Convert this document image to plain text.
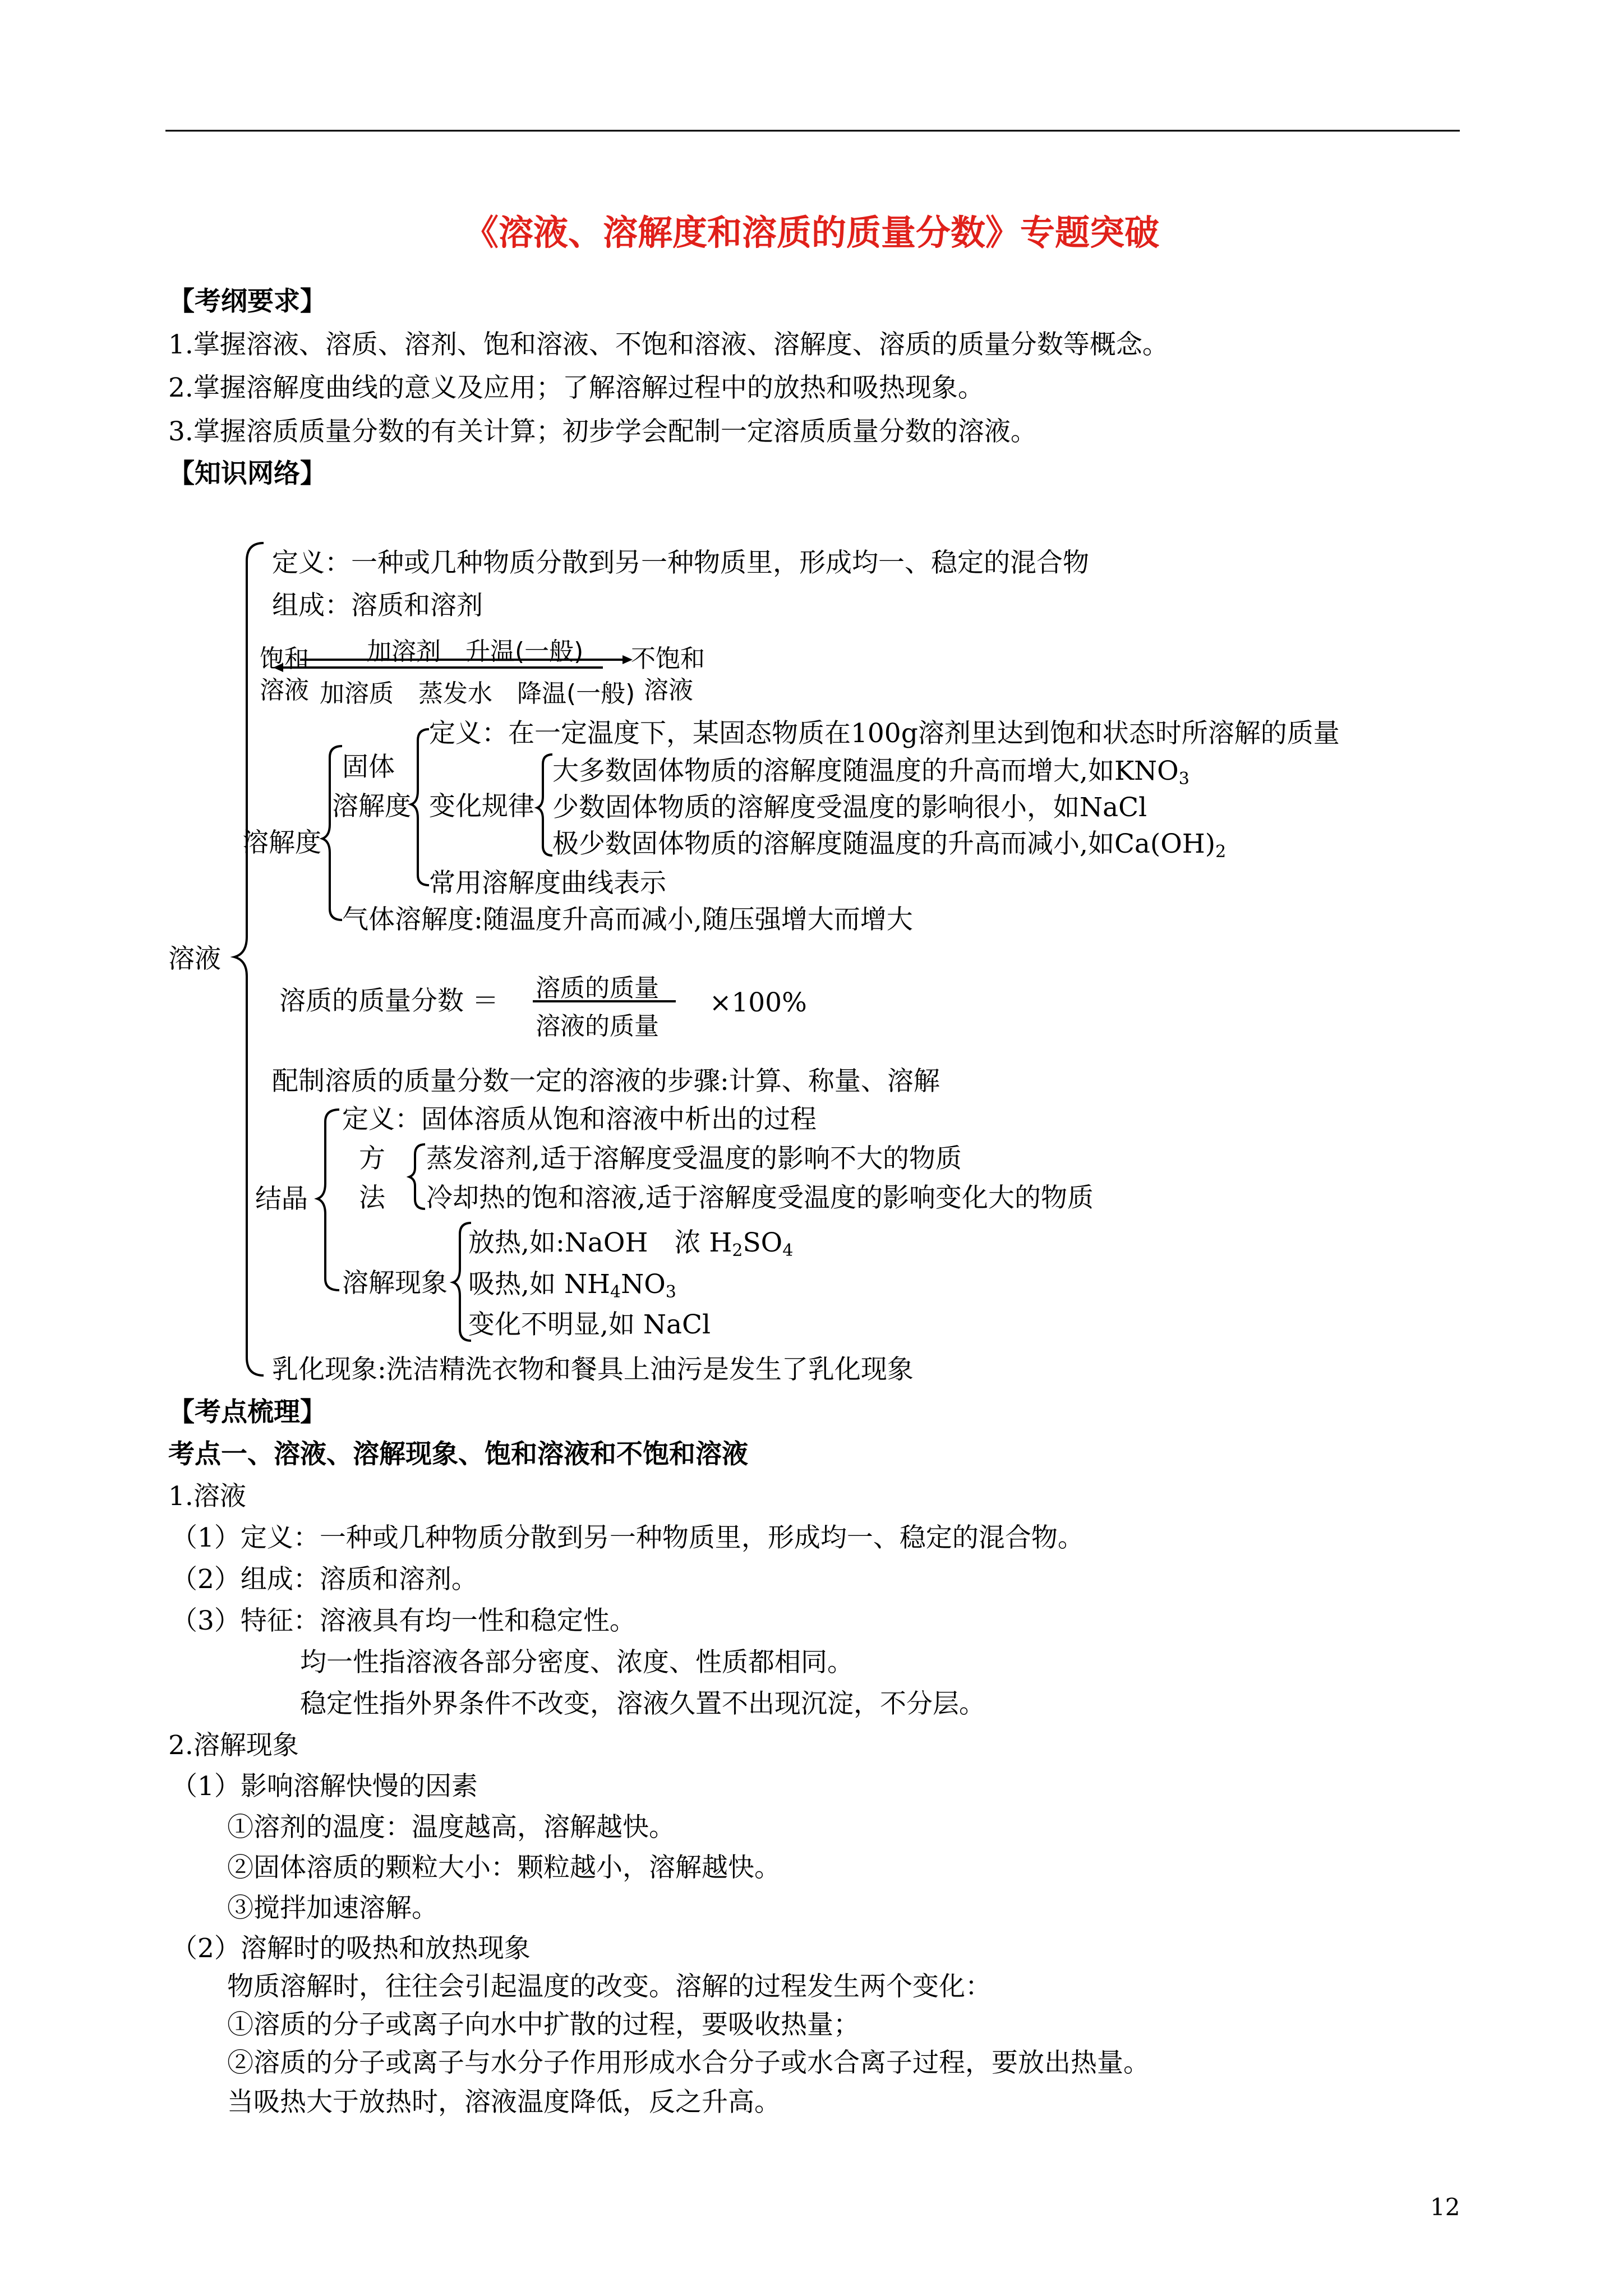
《溶液、溶解度和溶质的质量分数》专题突破
【考纲要求】
1.掌握溶液、溶质、溶剂、饱和溶液、不饱和溶液、溶解度、溶质的质量分数等概念。
2.掌握溶解度曲线的意义及应用；了解溶解过程中的放热和吸热现象。
3.掌握溶质质量分数的有关计算；初步学会配制一定溶质质量分数的溶液。
【知识网络】
溶液
定义：一种或几种物质分散到另一种物质里，形成均一、稳定的混合物
组成：溶质和溶剂
饱和
溶液
加溶剂　升温(一般)
加溶质　蒸发水　降温(一般)
不饱和
溶液
溶解度
固体
溶解度
定义：在一定温度下，某固态物质在100g溶剂里达到饱和状态时所溶解的质量
变化规律
大多数固体物质的溶解度随温度的升高而增大,如$KNO_3$
少数固体物质的溶解度受温度的影响很小，如NaCl
极少数固体物质的溶解度随温度的升高而减小,如$Ca(OH)_2$
常用溶解度曲线表示
气体溶解度:随温度升高而减小,随压强增大而增大
溶质的质量分数 ＝ 溶质的质量
溶液的质量
×100%
配制溶质的质量分数一定的溶液的步骤:计算、称量、溶解
结晶
定义：固体溶质从饱和溶液中析出的过程
方
法
蒸发溶剂,适于溶解度受温度的影响不大的物质
冷却热的饱和溶液,适于溶解度受温度的影响变化大的物质
溶解现象
放热,如:NaOH　浓 $H_2SO_4$
吸热,如 $NH_4NO_3$
变化不明显,如 NaCl
乳化现象:洗洁精洗衣物和餐具上油污是发生了乳化现象
【考点梳理】
考点一、溶液、溶解现象、饱和溶液和不饱和溶液
1.溶液
（1）定义：一种或几种物质分散到另一种物质里，形成均一、稳定的混合物。
（2）组成：溶质和溶剂。
（3）特征：溶液具有均一性和稳定性。
均一性指溶液各部分密度、浓度、性质都相同。
稳定性指外界条件不改变，溶液久置不出现沉淀，不分层。
2.溶解现象
（1）影响溶解快慢的因素
①溶剂的温度：温度越高，溶解越快。
②固体溶质的颗粒大小：颗粒越小，溶解越快。
③搅拌加速溶解。
（2）溶解时的吸热和放热现象
物质溶解时，往往会引起温度的改变。溶解的过程发生两个变化：
①溶质的分子或离子向水中扩散的过程，要吸收热量；
②溶质的分子或离子与水分子作用形成水合分子或水合离子过程，要放出热量。
当吸热大于放热时，溶液温度降低，反之升高。
12
